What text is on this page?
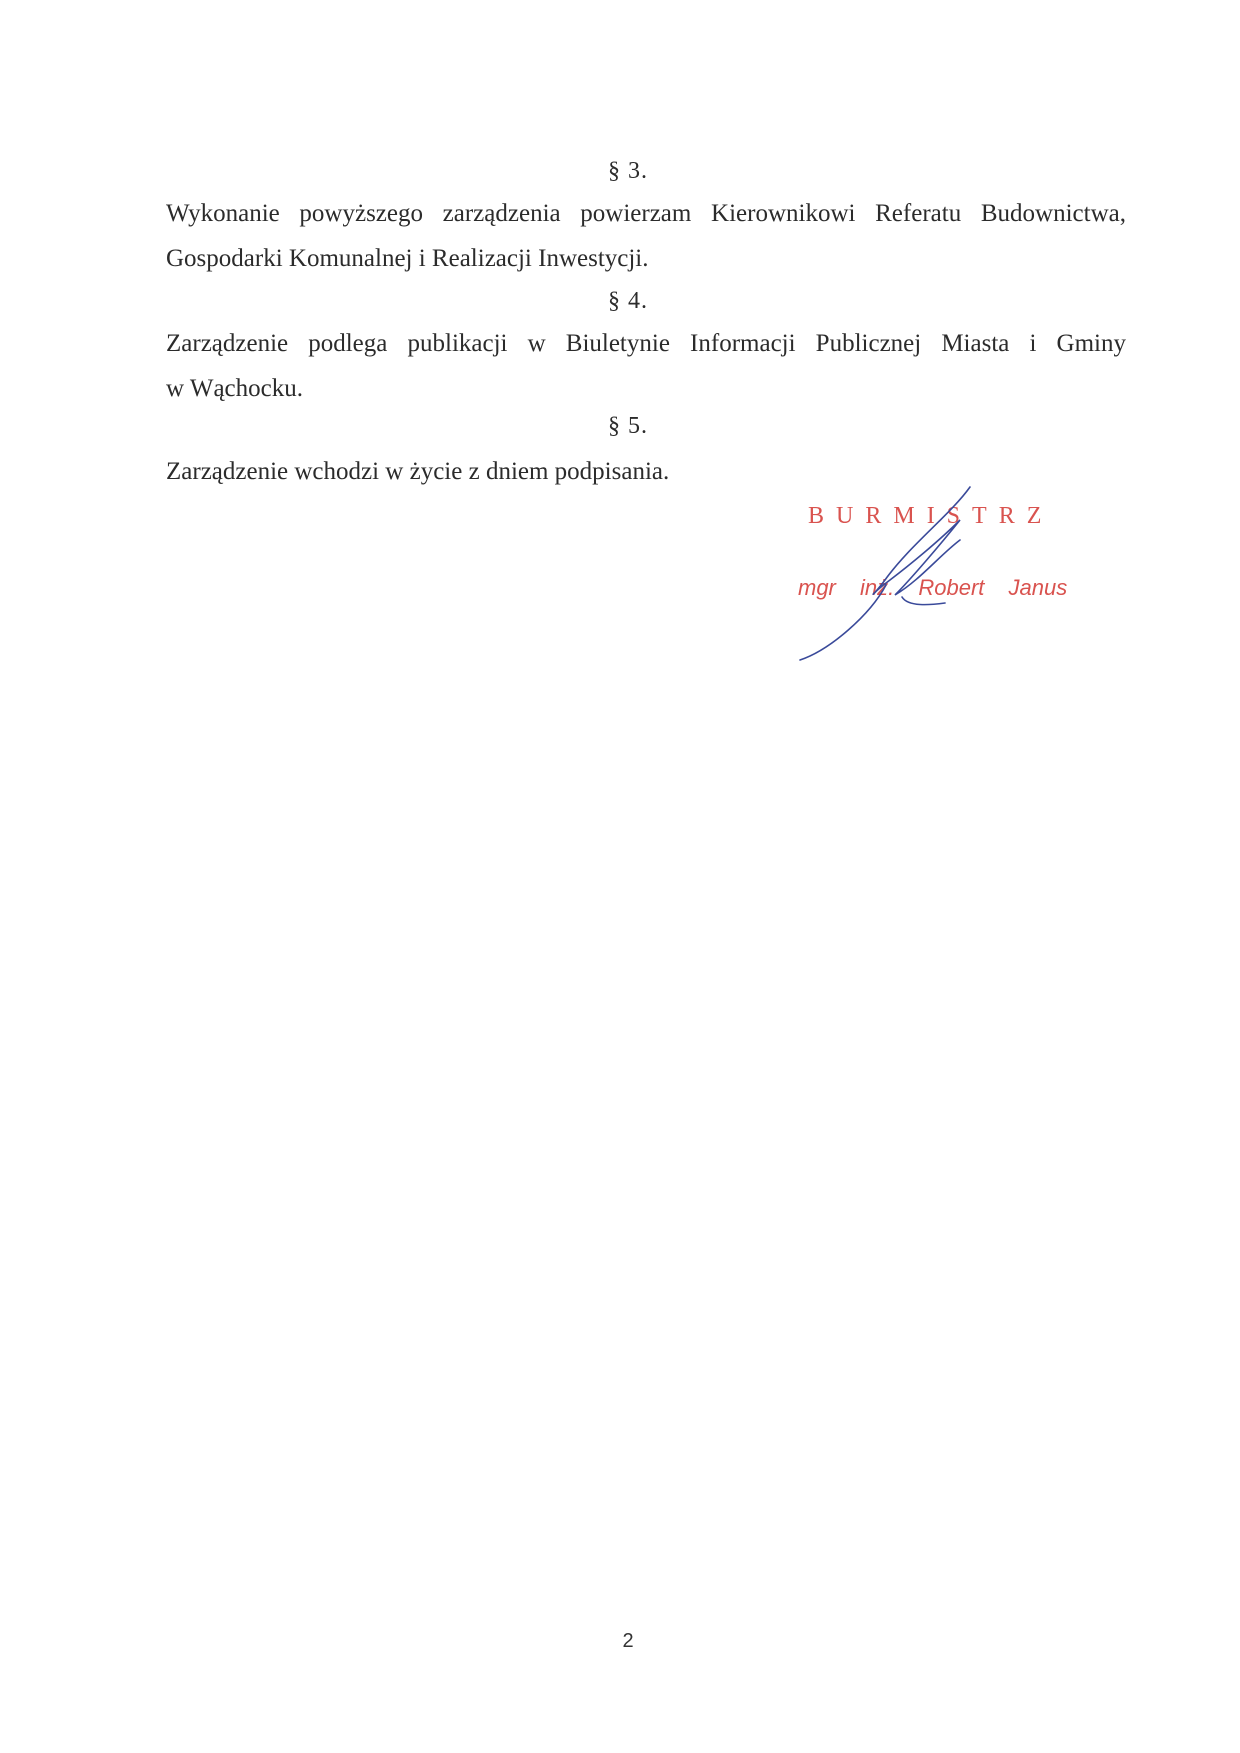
§ 3.
Wykonanie powyższego zarządzenia powierzam Kierownikowi Referatu Budownictwa,
Gospodarki Komunalnej i Realizacji Inwestycji.
§ 4.
Zarządzenie podlega publikacji w Biuletynie Informacji Publicznej Miasta i Gminy
w Wąchocku.
§ 5.
Zarządzenie wchodzi w życie z dniem podpisania.
BURMISTRZ
mgr inż. Robert Janus
2
